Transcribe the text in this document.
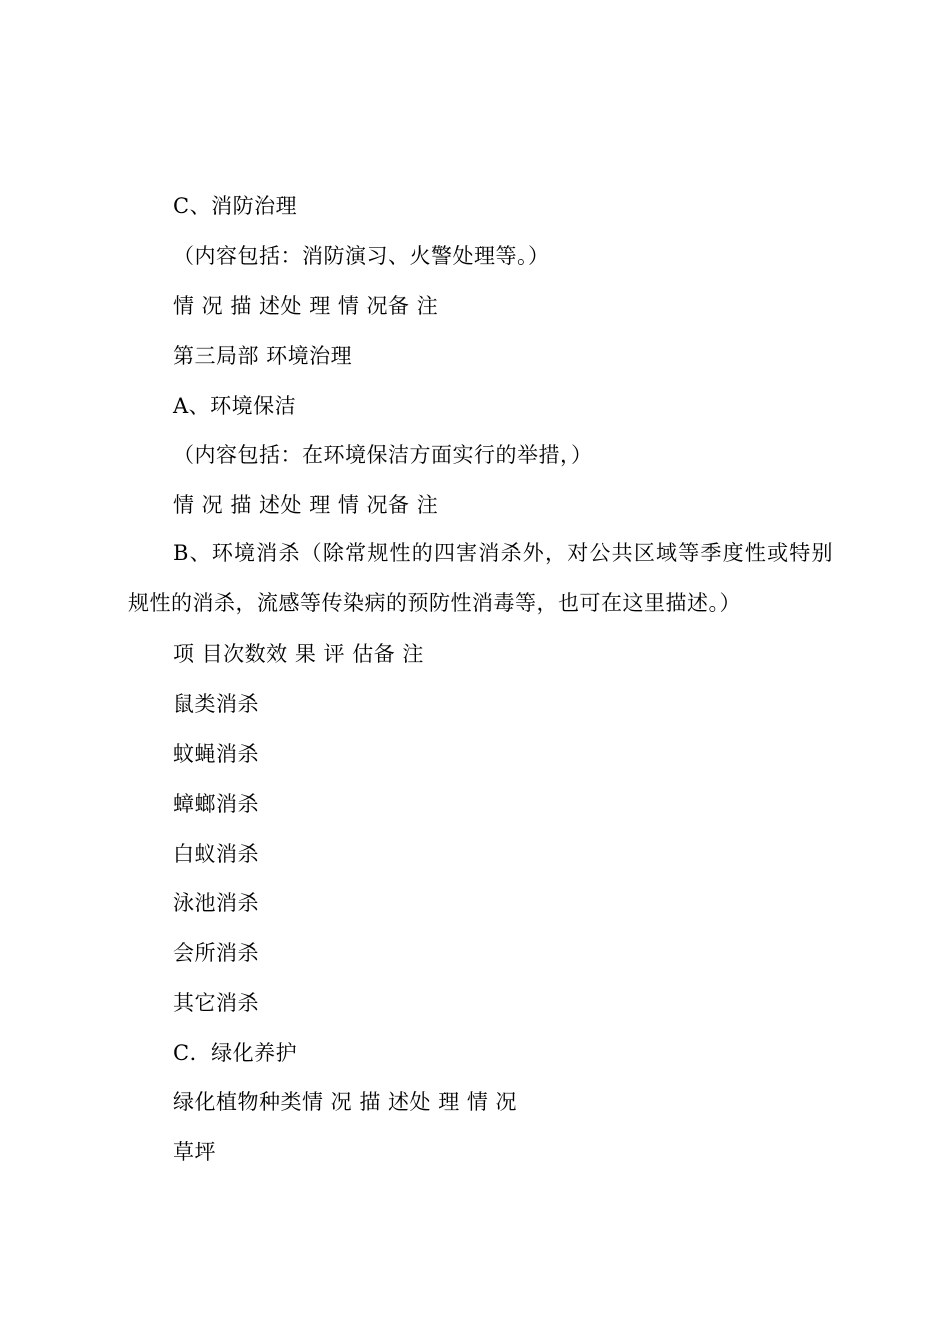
C、消防治理
（内容包括：消防演习、火警处理等。）
情 况 描 述处 理 情 况备 注
第三局部 环境治理
A、环境保洁
（内容包括：在环境保洁方面实行的举措，）
情 况 描 述处 理 情 况备 注
B、环境消杀（除常规性的四害消杀外，对公共区域等季度性或特别规性的消杀，流感等传染病的预防性消毒等，也可在这里描述。）
项 目次数效 果 评 估备 注
鼠类消杀
蚊蝇消杀
蟑螂消杀
白蚁消杀
泳池消杀
会所消杀
其它消杀
C．绿化养护
绿化植物种类情 况 描 述处 理 情 况
草坪
